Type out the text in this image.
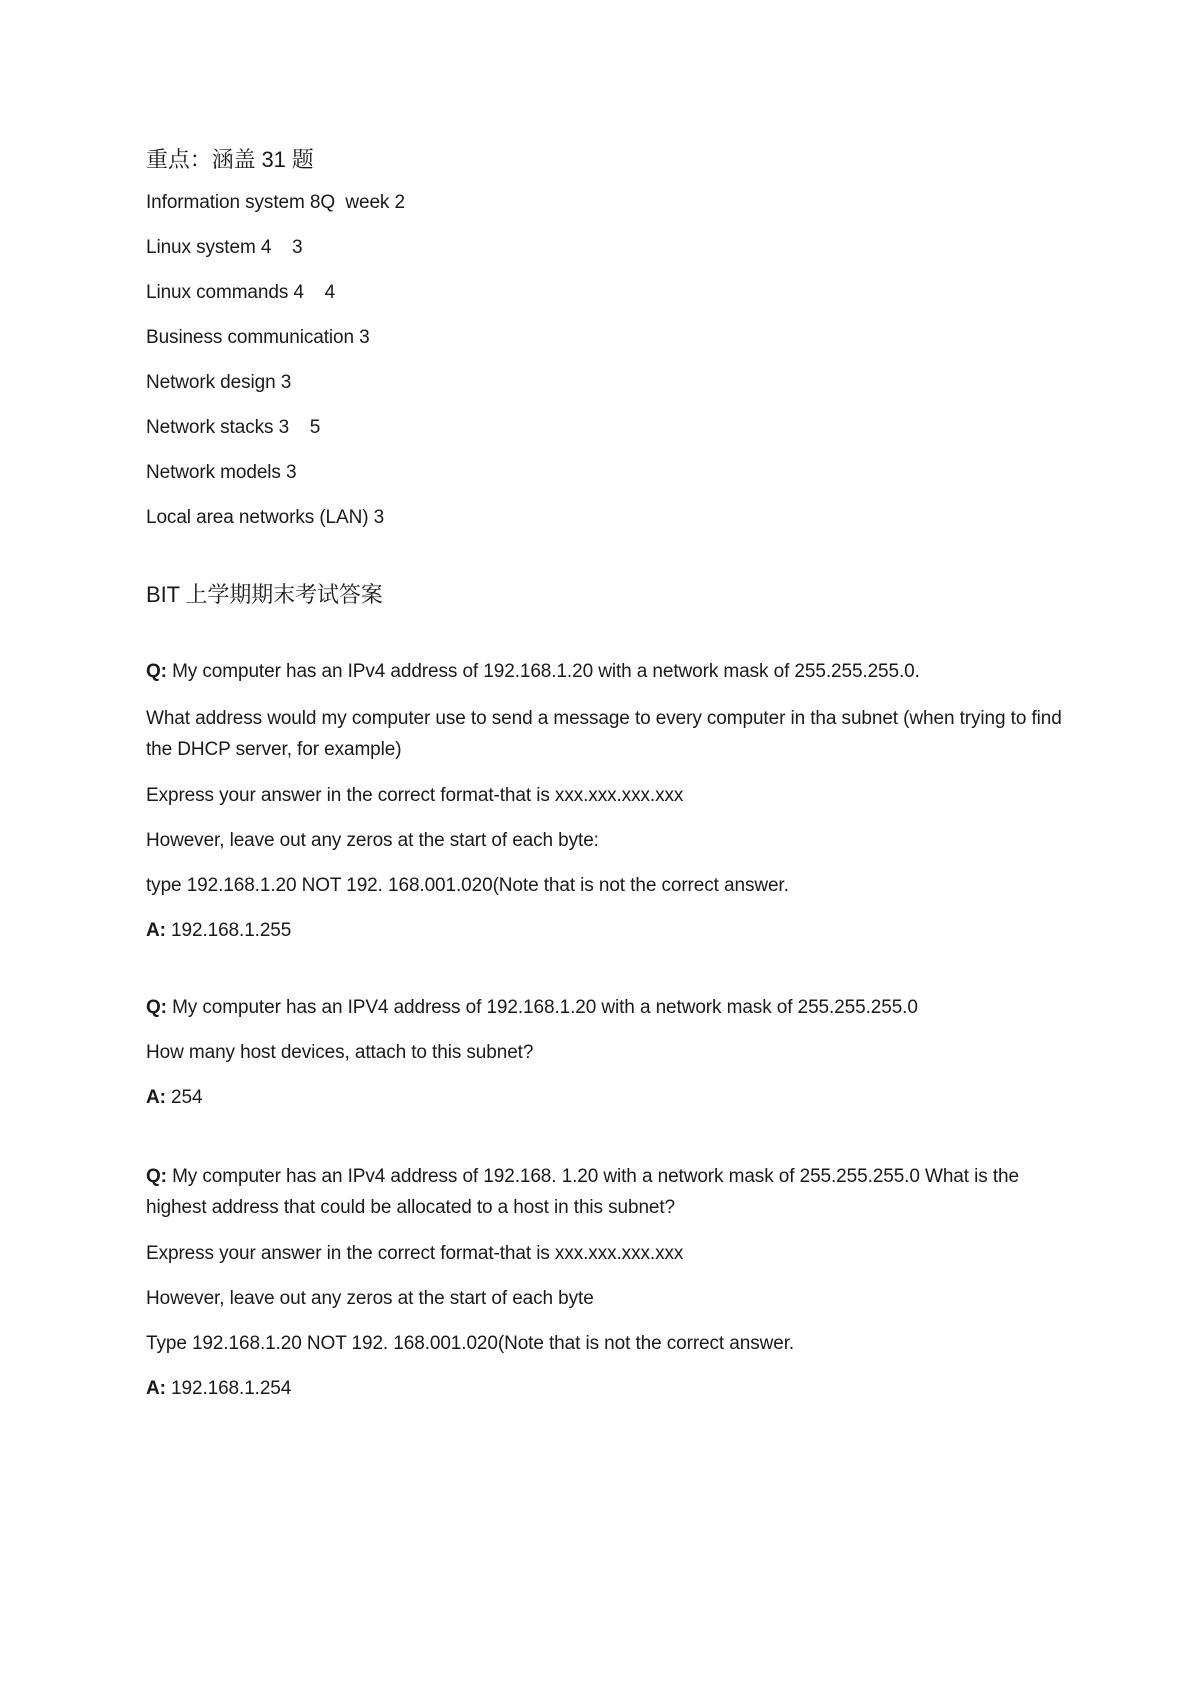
重点：涵盖 31 题
Information system 8Q  week 2
Linux system 4    3
Linux commands 4    4
Business communication 3
Network design 3
Network stacks 3    5
Network models 3
Local area networks (LAN) 3
BIT 上学期期末考试答案
Q: My computer has an IPv4 address of 192.168.1.20 with a network mask of 255.255.255.0.
What address would my computer use to send a message to every computer in tha subnet (when trying to find the DHCP server, for example)
Express your answer in the correct format-that is xxx.xxx.xxx.xxx
However, leave out any zeros at the start of each byte:
type 192.168.1.20 NOT 192. 168.001.020(Note that is not the correct answer.
A: 192.168.1.255
Q: My computer has an IPV4 address of 192.168.1.20 with a network mask of 255.255.255.0
How many host devices, attach to this subnet?
A: 254
Q: My computer has an IPv4 address of 192.168. 1.20 with a network mask of 255.255.255.0 What is the highest address that could be allocated to a host in this subnet?
Express your answer in the correct format-that is xxx.xxx.xxx.xxx
However, leave out any zeros at the start of each byte
Type 192.168.1.20 NOT 192. 168.001.020(Note that is not the correct answer.
A: 192.168.1.254
